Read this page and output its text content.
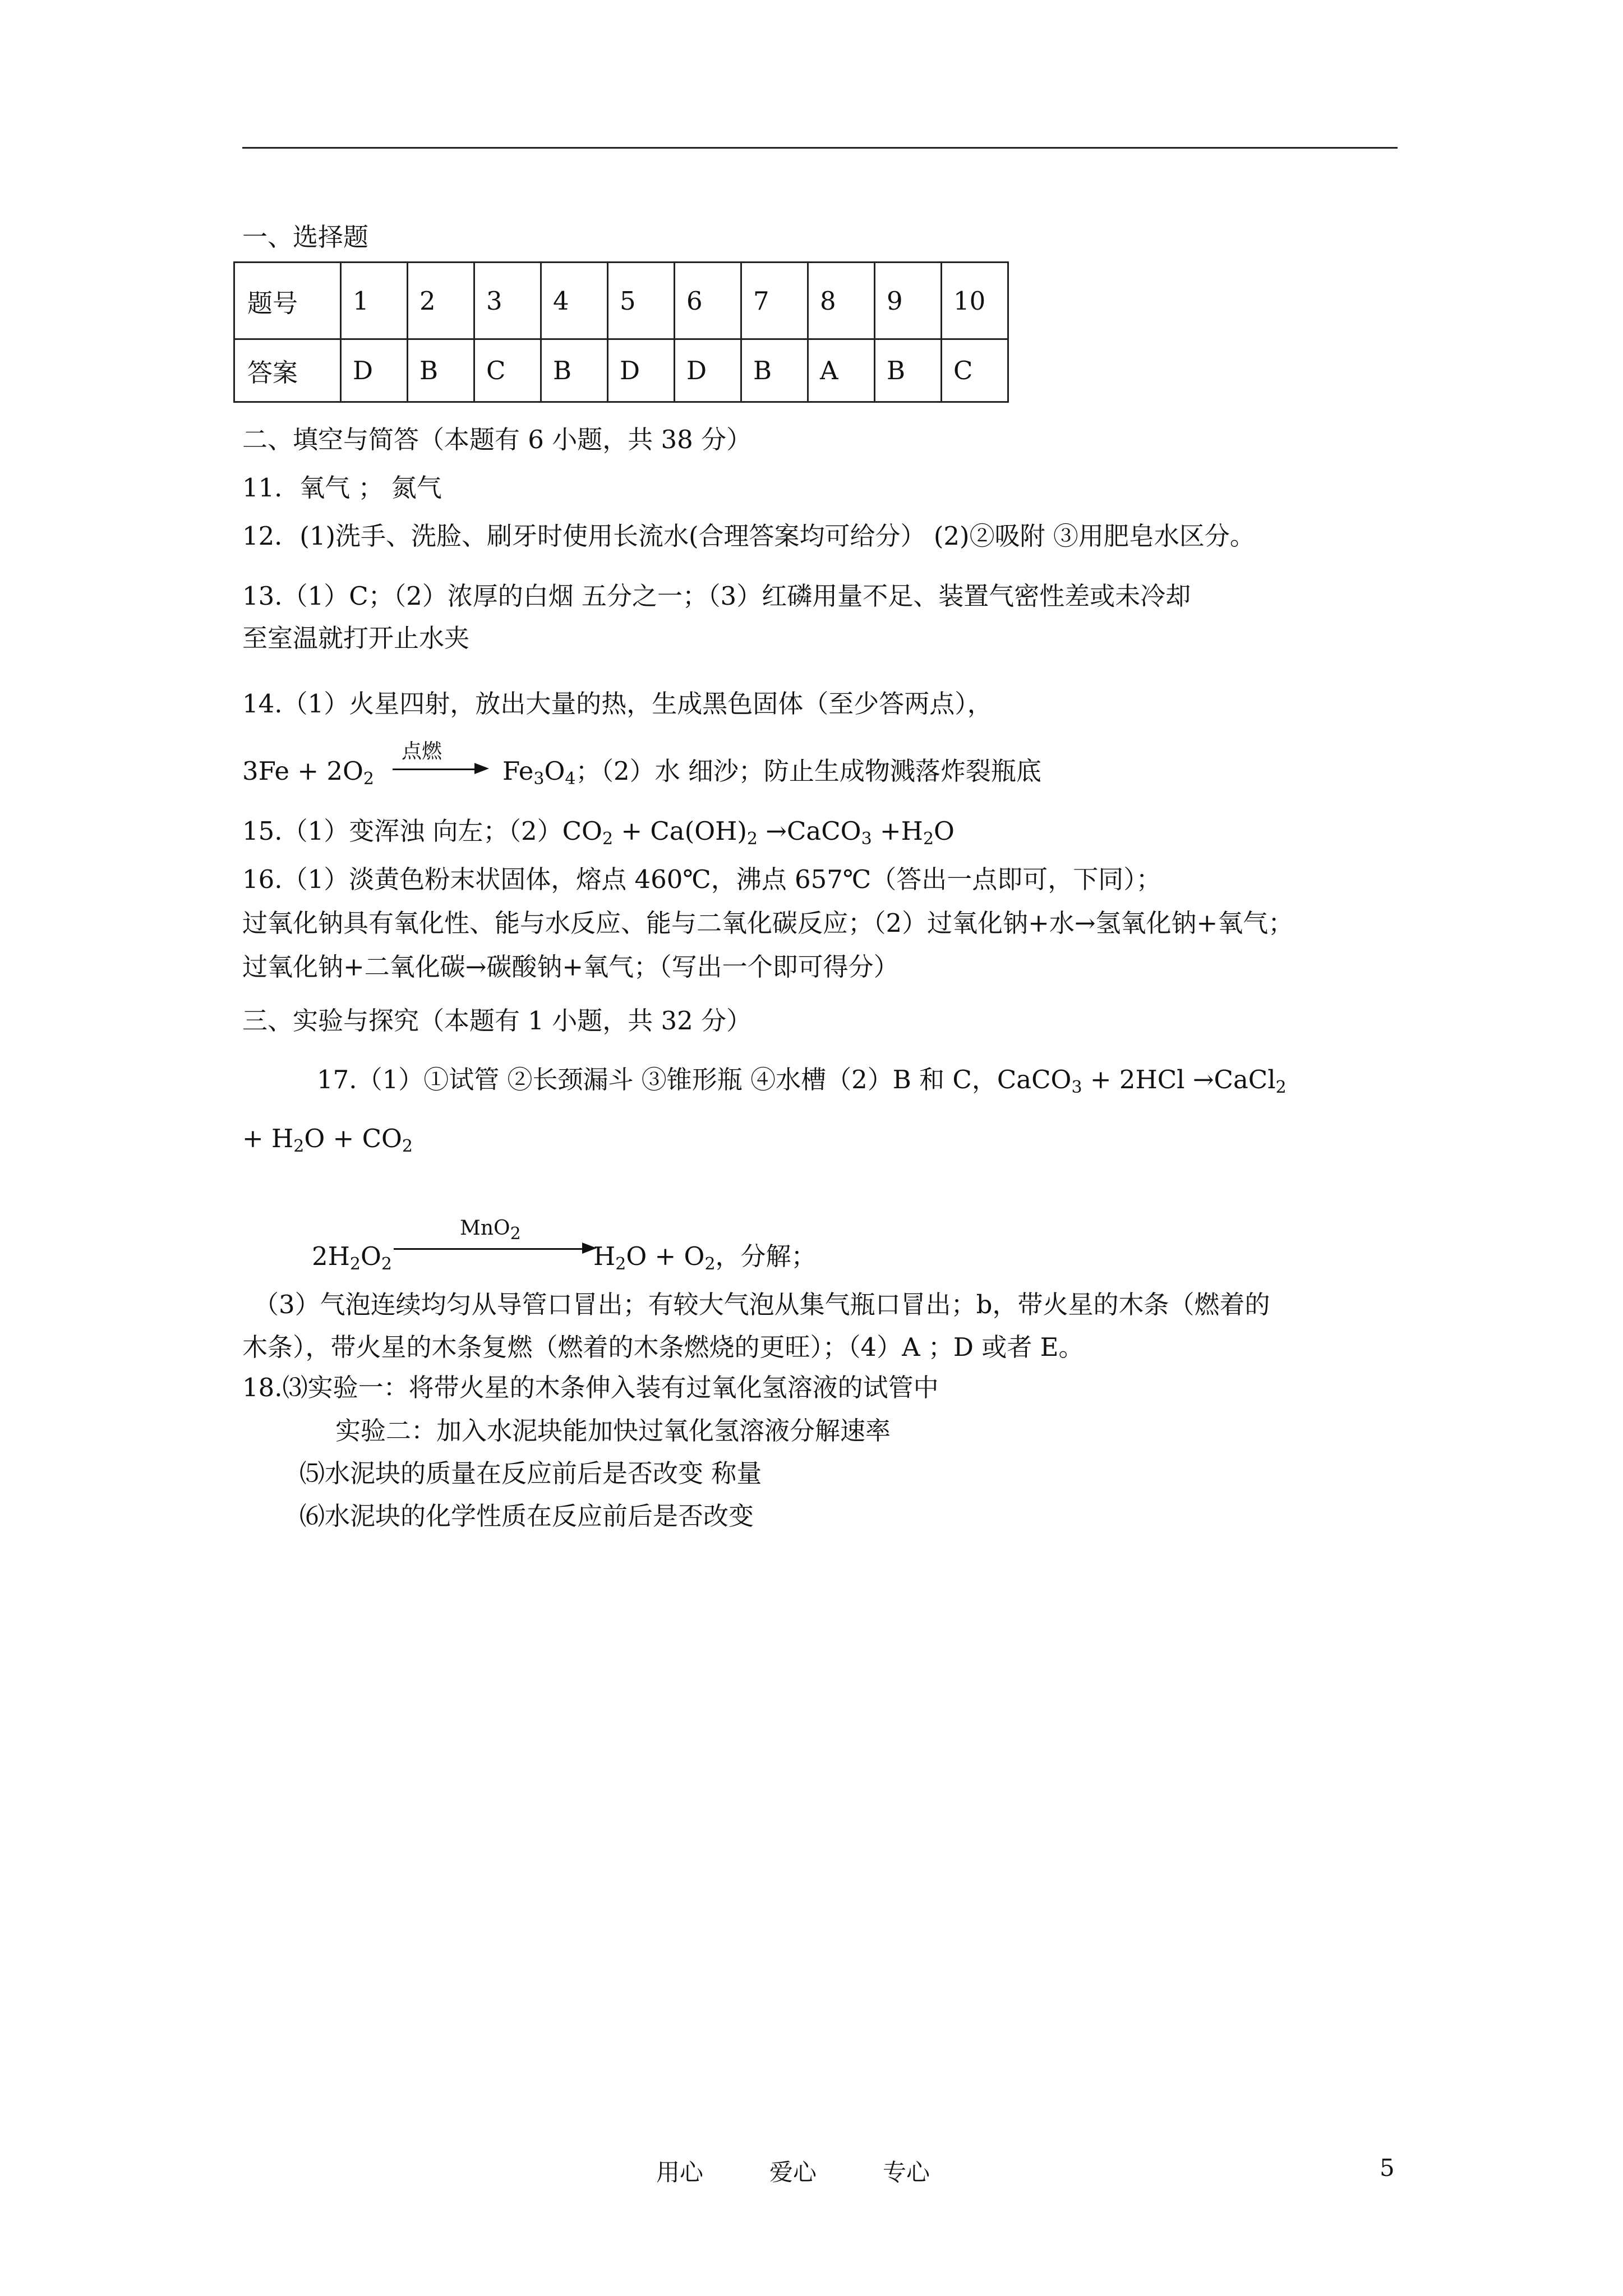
一、选择题
题号	1	2	3	4	5	6	7	8	9	10
答案	D	B	C	B	D	D	B	A	B	C
二、填空与简答（本题有 6 小题，共 38 分）
11．氧气 ； 氮气
12．(1)洗手、洗脸、刷牙时使用长流水(合理答案均可给分） (2)②吸附 ③用肥皂水区分。
13.（1）C；（2）浓厚的白烟 五分之一；（3）红磷用量不足、装置气密性差或未冷却
至室温就打开止水夹
14.（1）火星四射，放出大量的热，生成黑色固体（至少答两点），
$3Fe + 2O_2$
点燃
$Fe_3O_4$；（2）水 细沙；防止生成物溅落炸裂瓶底
15.（1）变浑浊 向左；$(2)CO_2 + Ca(OH)_2$ →CaCO$_3$ $+H_2O$
16.（1）淡黄色粉末状固体，熔点 460℃，沸点 657℃（答出一点即可，下同）；
过氧化钠具有氧化性、能与水反应、能与二氧化碳反应；（2）过氧化钠+水→氢氧化钠+氧气；
过氧化钠+二氧化碳→碳酸钠+氧气；（写出一个即可得分）
三、实验与探究（本题有 1 小题，共 32 分）
17.（1）①试管 ②长颈漏斗 ③锥形瓶 ④水槽（2）B 和 C，CaCO$_3$ + 2HCl →CaCl$_2$
+ $H_2O + CO_2$
MnO$_2$
$2H_2O_2$	$H_2O + O_2$，分解；
（3）气泡连续均匀从导管口冒出；有较大气泡从集气瓶口冒出；b，带火星的木条（燃着的
木条），带火星的木条复燃（燃着的木条燃烧的更旺）；（4）A ；D 或者 E。
18.⑶实验一：将带火星的木条伸入装有过氧化氢溶液的试管中
实验二：加入水泥块能加快过氧化氢溶液分解速率
⑸水泥块的质量在反应前后是否改变 称量
⑹水泥块的化学性质在反应前后是否改变
用心	爱心	专心	5
